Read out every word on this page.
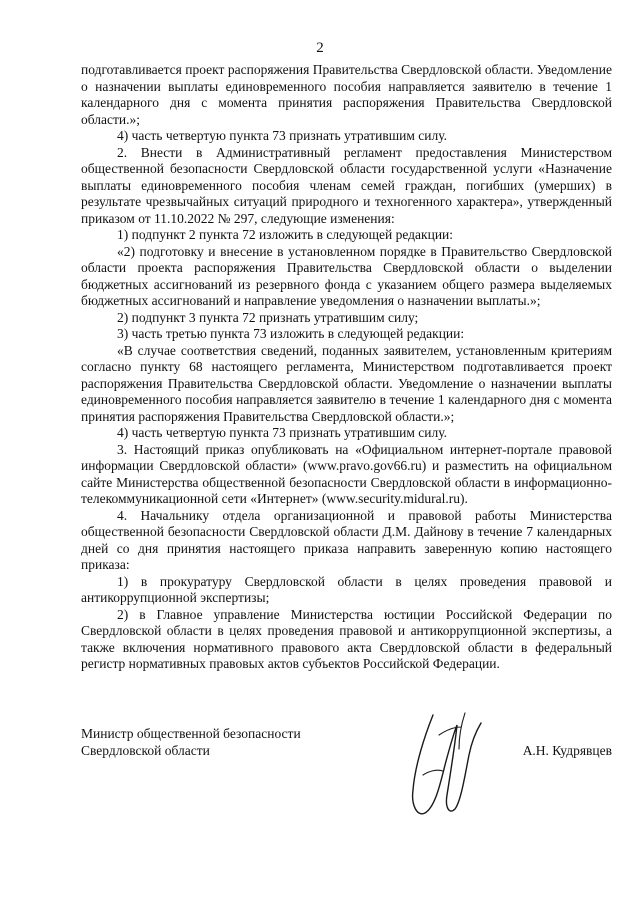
2

подготавливается проект распоряжения Правительства Свердловской области. Уведомление о назначении выплаты единовременного пособия направляется заявителю в течение 1 календарного дня с момента принятия распоряжения Правительства Свердловской области.»;

4) часть четвертую пункта 73 признать утратившим силу.

2. Внести в Административный регламент предоставления Министерством общественной безопасности Свердловской области государственной услуги «Назначение выплаты единовременного пособия членам семей граждан, погибших (умерших) в результате чрезвычайных ситуаций природного и техногенного характера», утвержденный приказом от 11.10.2022 № 297, следующие изменения:

1) подпункт 2 пункта 72 изложить в следующей редакции:

«2) подготовку и внесение в установленном порядке в Правительство Свердловской области проекта распоряжения Правительства Свердловской области о выделении бюджетных ассигнований из резервного фонда с указанием общего размера выделяемых бюджетных ассигнований и направление уведомления о назначении выплаты.»;

2) подпункт 3 пункта 72 признать утратившим силу;

3) часть третью пункта 73 изложить в следующей редакции:

«В случае соответствия сведений, поданных заявителем, установленным критериям согласно пункту 68 настоящего регламента, Министерством подготавливается проект распоряжения Правительства Свердловской области. Уведомление о назначении выплаты единовременного пособия направляется заявителю в течение 1 календарного дня с момента принятия распоряжения Правительства Свердловской области.»;

4) часть четвертую пункта 73 признать утратившим силу.

3. Настоящий приказ опубликовать на «Официальном интернет-портале правовой информации Свердловской области» (www.pravo.gov66.ru) и разместить на официальном сайте Министерства общественной безопасности Свердловской области в информационно-телекоммуникационной сети «Интернет» (www.security.midural.ru).

4. Начальнику отдела организационной и правовой работы Министерства общественной безопасности Свердловской области Д.М. Дайнову в течение 7 календарных дней со дня принятия настоящего приказа направить заверенную копию настоящего приказа:

1) в прокуратуру Свердловской области в целях проведения правовой и антикоррупционной экспертизы;

2) в Главное управление Министерства юстиции Российской Федерации по Свердловской области в целях проведения правовой и антикоррупционной экспертизы, а также включения нормативного правового акта Свердловской области в федеральный регистр нормативных правовых актов субъектов Российской Федерации.

Министр общественной безопасности
Свердловской области	А.Н. Кудрявцев
